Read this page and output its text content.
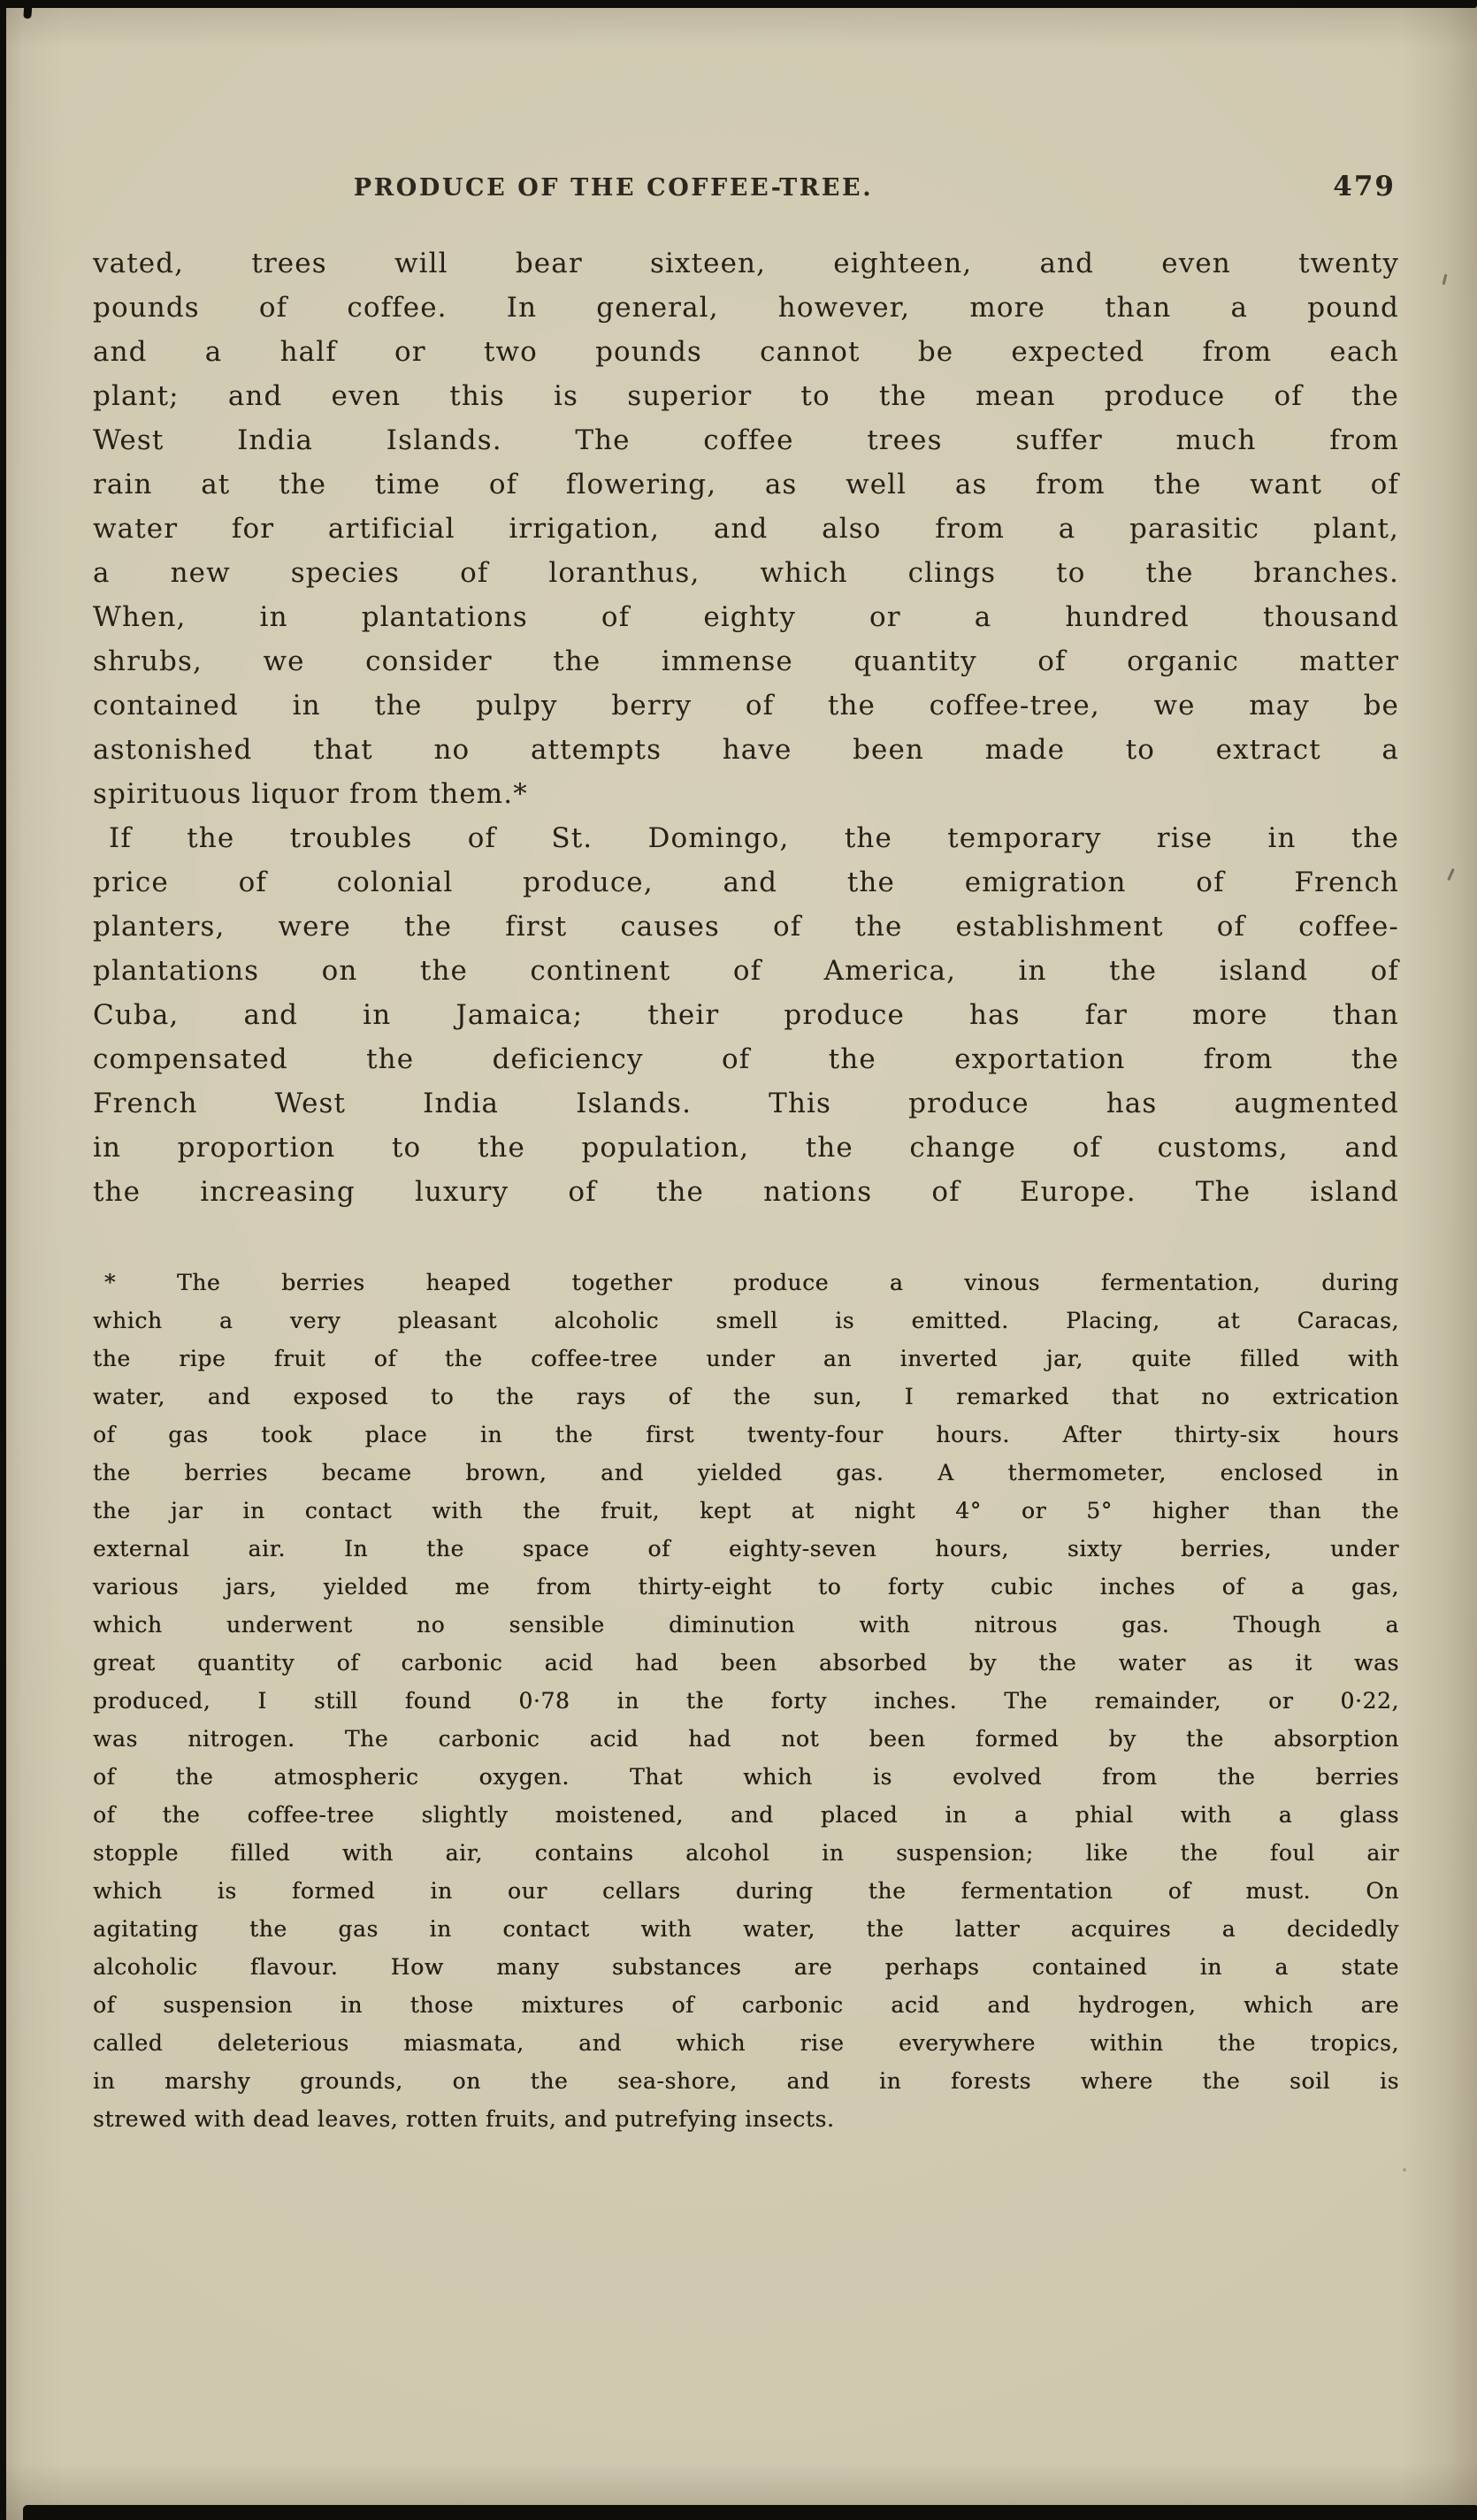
PRODUCE OF THE COFFEE-TREE.	479
vated, trees will bear sixteen, eighteen, and even twenty
pounds of coffee. In general, however, more than a pound
and a half or two pounds cannot be expected from each
plant; and even this is superior to the mean produce of the
West India Islands. The coffee trees suffer much from
rain at the time of flowering, as well as from the want of
water for artificial irrigation, and also from a parasitic plant,
a new species of loranthus, which clings to the branches.
When, in plantations of eighty or a hundred thousand
shrubs, we consider the immense quantity of organic matter
contained in the pulpy berry of the coffee-tree, we may be
astonished that no attempts have been made to extract a
spirituous liquor from them.*
If the troubles of St. Domingo, the temporary rise in the
price of colonial produce, and the emigration of French
planters, were the first causes of the establishment of coffee-
plantations on the continent of America, in the island of
Cuba, and in Jamaica; their produce has far more than
compensated the deficiency of the exportation from the
French West India Islands. This produce has augmented
in proportion to the population, the change of customs, and
the increasing luxury of the nations of Europe. The island
* The berries heaped together produce a vinous fermentation, during
which a very pleasant alcoholic smell is emitted. Placing, at Caracas,
the ripe fruit of the coffee-tree under an inverted jar, quite filled with
water, and exposed to the rays of the sun, I remarked that no extrication
of gas took place in the first twenty-four hours. After thirty-six hours
the berries became brown, and yielded gas. A thermometer, enclosed in
the jar in contact with the fruit, kept at night 4° or 5° higher than the
external air. In the space of eighty-seven hours, sixty berries, under
various jars, yielded me from thirty-eight to forty cubic inches of a gas,
which underwent no sensible diminution with nitrous gas. Though a
great quantity of carbonic acid had been absorbed by the water as it was
produced, I still found 0·78 in the forty inches. The remainder, or 0·22,
was nitrogen. The carbonic acid had not been formed by the absorption
of the atmospheric oxygen. That which is evolved from the berries
of the coffee-tree slightly moistened, and placed in a phial with a glass
stopple filled with air, contains alcohol in suspension; like the foul air
which is formed in our cellars during the fermentation of must. On
agitating the gas in contact with water, the latter acquires a decidedly
alcoholic flavour. How many substances are perhaps contained in a state
of suspension in those mixtures of carbonic acid and hydrogen, which are
called deleterious miasmata, and which rise everywhere within the tropics,
in marshy grounds, on the sea-shore, and in forests where the soil is
strewed with dead leaves, rotten fruits, and putrefying insects.
